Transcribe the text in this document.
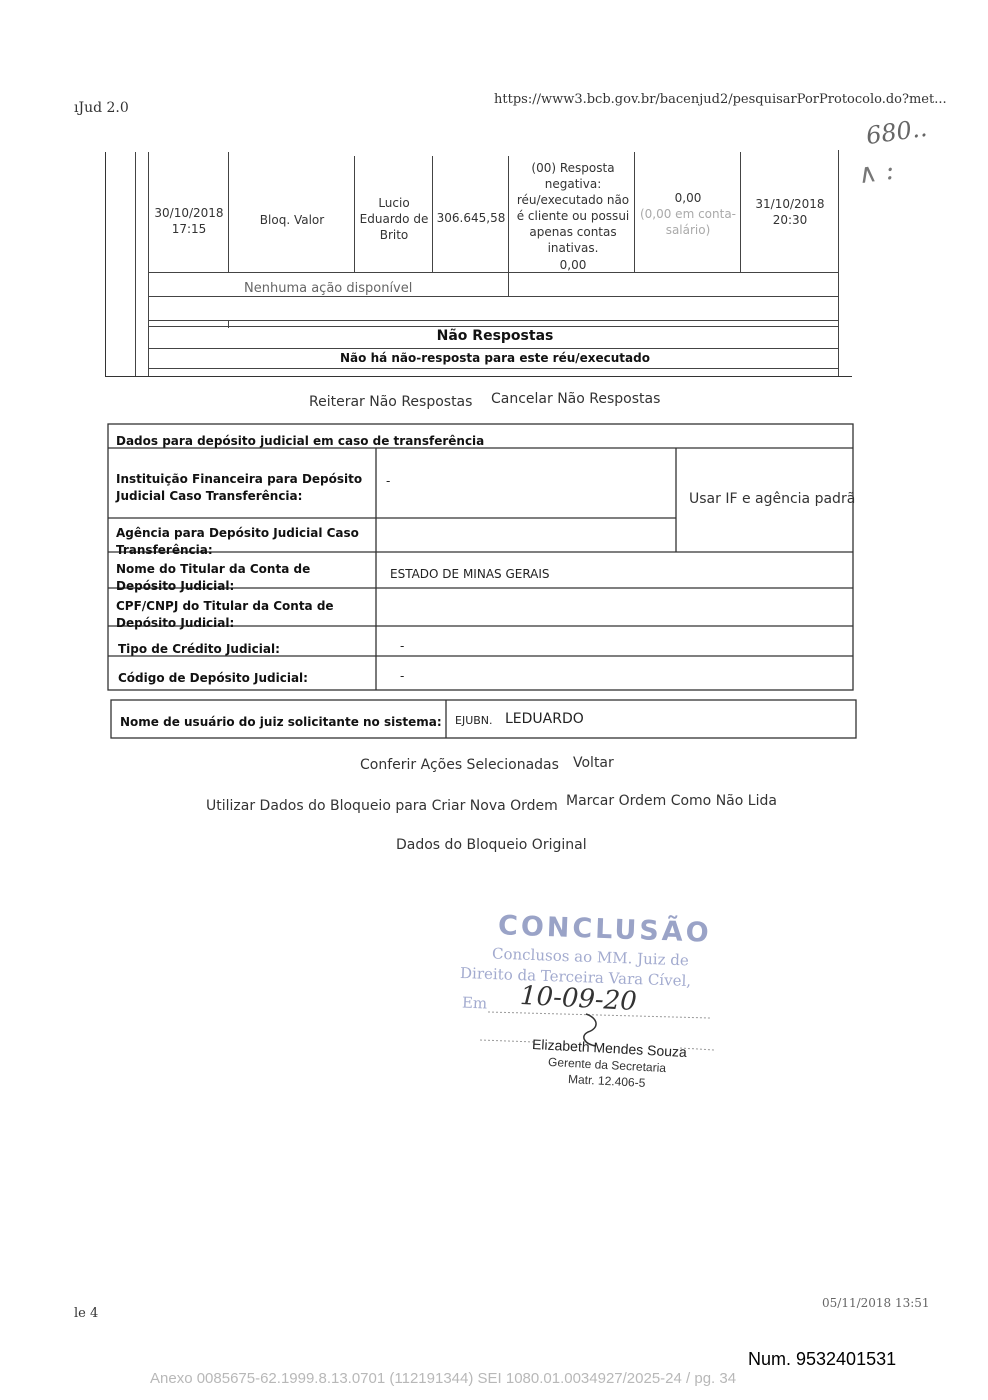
ıJud 2.0
https://www3.bcb.gov.br/bacenjud2/pesquisarPorProtocolo.do?met...
680..
∧ :
30/10/2018 17:15
Bloq. Valor
Lucio Eduardo de Brito
306.645,58
(00) Resposta negativa: réu/executado não é cliente ou possui apenas contas inativas.
0,00
0,00
(0,00 em conta-salário)
31/10/2018 20:30
Nenhuma ação disponível
Não Respostas
Não há não-resposta para este réu/executado
Reiterar Não Respostas Cancelar Não Respostas
Dados para depósito judicial em caso de transferência
Instituição Financeira para Depósito Judicial Caso Transferência:
-
Usar IF e agência padrã
Agência para Depósito Judicial Caso Transferência:
Nome do Titular da Conta de Depósito Judicial:
ESTADO DE MINAS GERAIS
CPF/CNPJ do Titular da Conta de Depósito Judicial:
Tipo de Crédito Judicial:	-
Código de Depósito Judicial:	-
Nome de usuário do juiz solicitante no sistema: EJUBN. LEDUARDO
Conferir Ações Selecionadas Voltar
Utilizar Dados do Bloqueio para Criar Nova Ordem Marcar Ordem Como Não Lida
Dados do Bloqueio Original
CONCLUSÃO
Conclusos ao MM. Juiz de
Direito da Terceira Vara Cível,
Em 10-09-20
Elizabeth Mendes Souza
Gerente da Secretaria
Matr. 12.406-5
le 4
05/11/2018 13:51
Num. 9532401531
Anexo 0085675-62.1999.8.13.0701 (112191344) SEI 1080.01.0034927/2025-24 / pg. 34
